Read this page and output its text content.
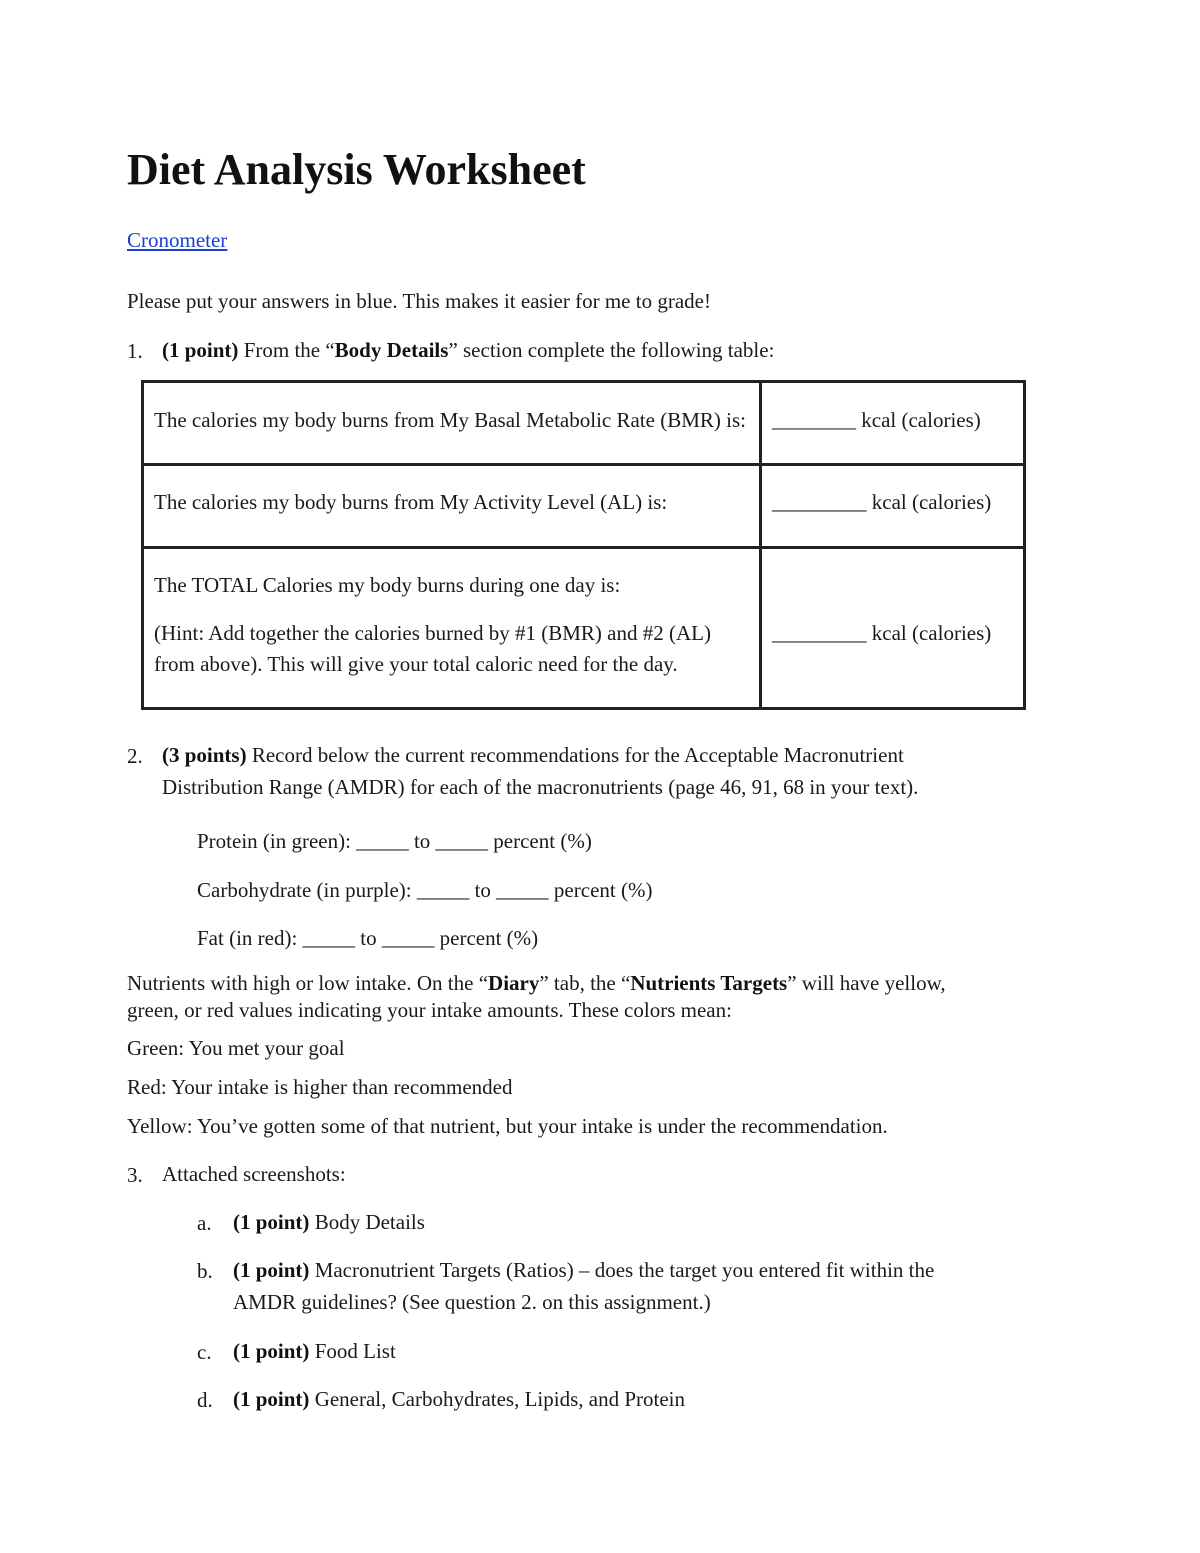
Diet Analysis Worksheet
Cronometer

Please put your answers in blue. This makes it easier for me to grade!

1. (1 point) From the “Body Details” section complete the following table:
The calories my body burns from My Basal Metabolic Rate (BMR) is:	________ kcal (calories)

The calories my body burns from My Activity Level (AL) is:	_________ kcal (calories)

The TOTAL Calories my body burns during one day is:
(Hint: Add together the calories burned by #1 (BMR) and #2 (AL) from above). This will give your total caloric need for the day.	_________ kcal (calories)
2. (3 points) Record below the current recommendations for the Acceptable Macronutrient
Distribution Range (AMDR) for each of the macronutrients (page 46, 91, 68 in your text).
Protein (in green): _____ to _____ percent (%)
Carbohydrate (in purple): _____ to _____ percent (%)
Fat (in red): _____ to _____ percent (%)

Nutrients with high or low intake. On the “Diary” tab, the “Nutrients Targets” will have yellow,

green, or red values indicating your intake amounts. These colors mean:

Green: You met your goal

Red: Your intake is higher than recommended

Yellow: You’ve gotten some of that nutrient, but your intake is under the recommendation.

3. Attached screenshots:
a. (1 point) Body Details
b. (1 point) Macronutrient Targets (Ratios) – does the target you entered fit within the
AMDR guidelines? (See question 2. on this assignment.)
c. (1 point) Food List
d. (1 point) General, Carbohydrates, Lipids, and Protein
